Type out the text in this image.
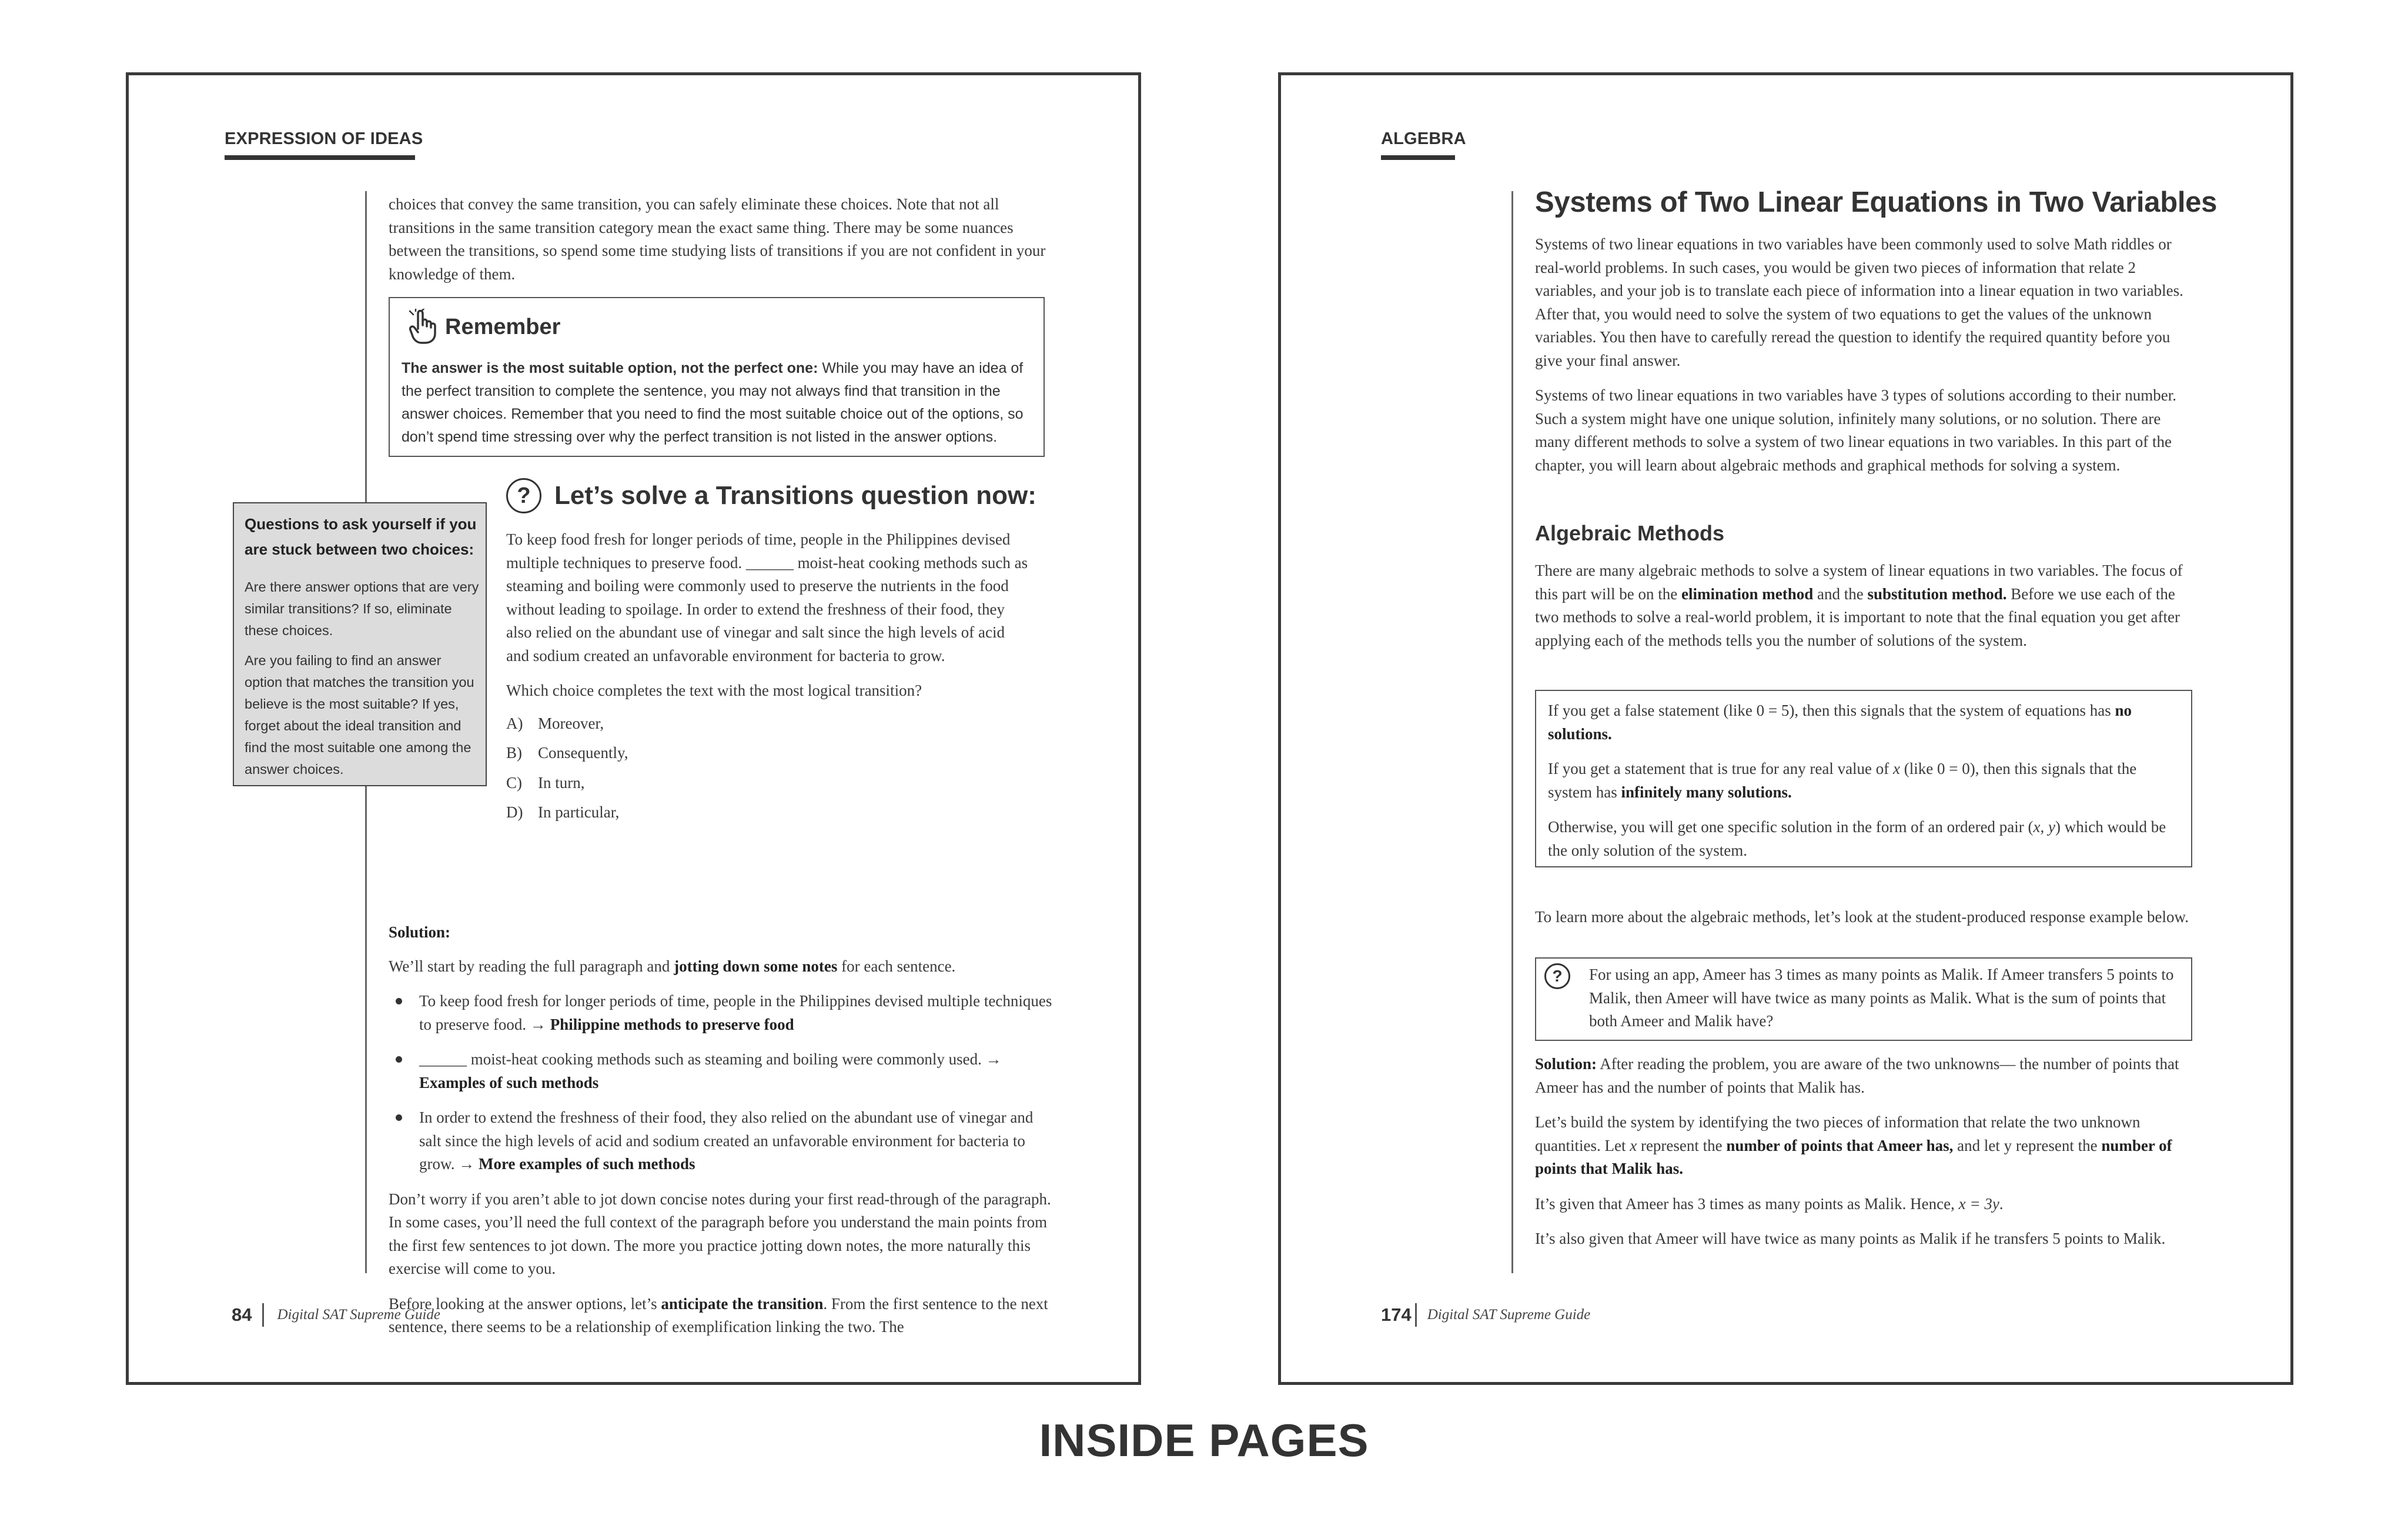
EXPRESSION OF IDEAS

choices that convey the same transition, you can safely eliminate these choices. Note that not all transitions in the same transition category mean the exact same thing. There may be some nuances between the transitions, so spend some time studying lists of transitions if you are not confident in your knowledge of them.

Remember
The answer is the most suitable option, not the perfect one: While you may have an idea of the perfect transition to complete the sentence, you may not always find that transition in the answer choices. Remember that you need to find the most suitable choice out of the options, so don’t spend time stressing over why the perfect transition is not listed in the answer options.
Questions to ask yourself if you are stuck between two choices:

Are there answer options that are very similar transitions? If so, eliminate these choices.

Are you failing to find an answer option that matches the transition you believe is the most suitable? If yes, forget about the ideal transition and find the most suitable one among the answer choices.

? Let’s solve a Transitions question now:

To keep food fresh for longer periods of time, people in the Philippines devised multiple techniques to preserve food. ______ moist-heat cooking methods such as steaming and boiling were commonly used to preserve the nutrients in the food without leading to spoilage. In order to extend the freshness of their food, they also relied on the abundant use of vinegar and salt since the high levels of acid and sodium created an unfavorable environment for bacteria to grow.

Which choice completes the text with the most logical transition?

A) Moreover,
B)	Consequently,
C)	In turn,
D) In particular,

Solution:

We’ll start by reading the full paragraph and jotting down some notes for each sentence.

To keep food fresh for longer periods of time, people in the Philippines devised multiple techniques to preserve food. → Philippine methods to preserve food
______ moist-heat cooking methods such as steaming and boiling were commonly used. → Examples of such methods
In order to extend the freshness of their food, they also relied on the abundant use of vinegar and salt since the high levels of acid and sodium created an unfavorable environment for bacteria to grow. → More examples of such methods

Don’t worry if you aren’t able to jot down concise notes during your first read-through of the paragraph. In some cases, you’ll need the full context of the paragraph before you understand the main points from the first few sentences to jot down. The more you practice jotting down notes, the more naturally this exercise will come to you.

Before looking at the answer options, let’s anticipate the transition. From the first sentence to the next sentence, there seems to be a relationship of exemplification linking the two. The

84 Digital SAT Supreme Guide
ALGEBRA
Systems of Two Linear Equations in Two Variables

Systems of two linear equations in two variables have been commonly used to solve Math riddles or real-world problems. In such cases, you would be given two pieces of information that relate 2 variables, and your job is to translate each piece of information into a linear equation in two variables. After that, you would need to solve the system of two equations to get the values of the unknown variables. You then have to carefully reread the question to identify the required quantity before you give your final answer.

Systems of two linear equations in two variables have 3 types of solutions according to their number. Such a system might have one unique solution, infinitely many solutions, or no solution. There are many different methods to solve a system of two linear equations in two variables. In this part of the chapter, you will learn about algebraic methods and graphical methods for solving a system.

Algebraic Methods

There are many algebraic methods to solve a system of linear equations in two variables. The focus of this part will be on the elimination method and the substitution method. Before we use each of the two methods to solve a real-world problem, it is important to note that the final equation you get after applying each of the methods tells you the number of solutions of the system.

If you get a false statement (like 0 = 5), then this signals that the system of equations has no solutions.

If you get a statement that is true for any real value of x (like 0 = 0), then this signals that the system has infinitely many solutions.

Otherwise, you will get one specific solution in the form of an ordered pair (x, y) which would be the only solution of the system.

To learn more about the algebraic methods, let’s look at the student-produced response example below.

?	For using an app, Ameer has 3 times as many points as Malik. If Ameer transfers 5 points to Malik, then Ameer will have twice as many points as Malik. What is the sum of points that both Ameer and Malik have?

Solution: After reading the problem, you are aware of the two unknowns— the number of points that Ameer has and the number of points that Malik has.

Let’s build the system by identifying the two pieces of information that relate the two unknown quantities. Let x represent the number of points that Ameer has, and let y represent the number of points that Malik has.

It’s given that Ameer has 3 times as many points as Malik. Hence, x = 3y.

It’s also given that Ameer will have twice as many points as Malik if he transfers 5 points to Malik.

174 Digital SAT Supreme Guide
INSIDE PAGES
